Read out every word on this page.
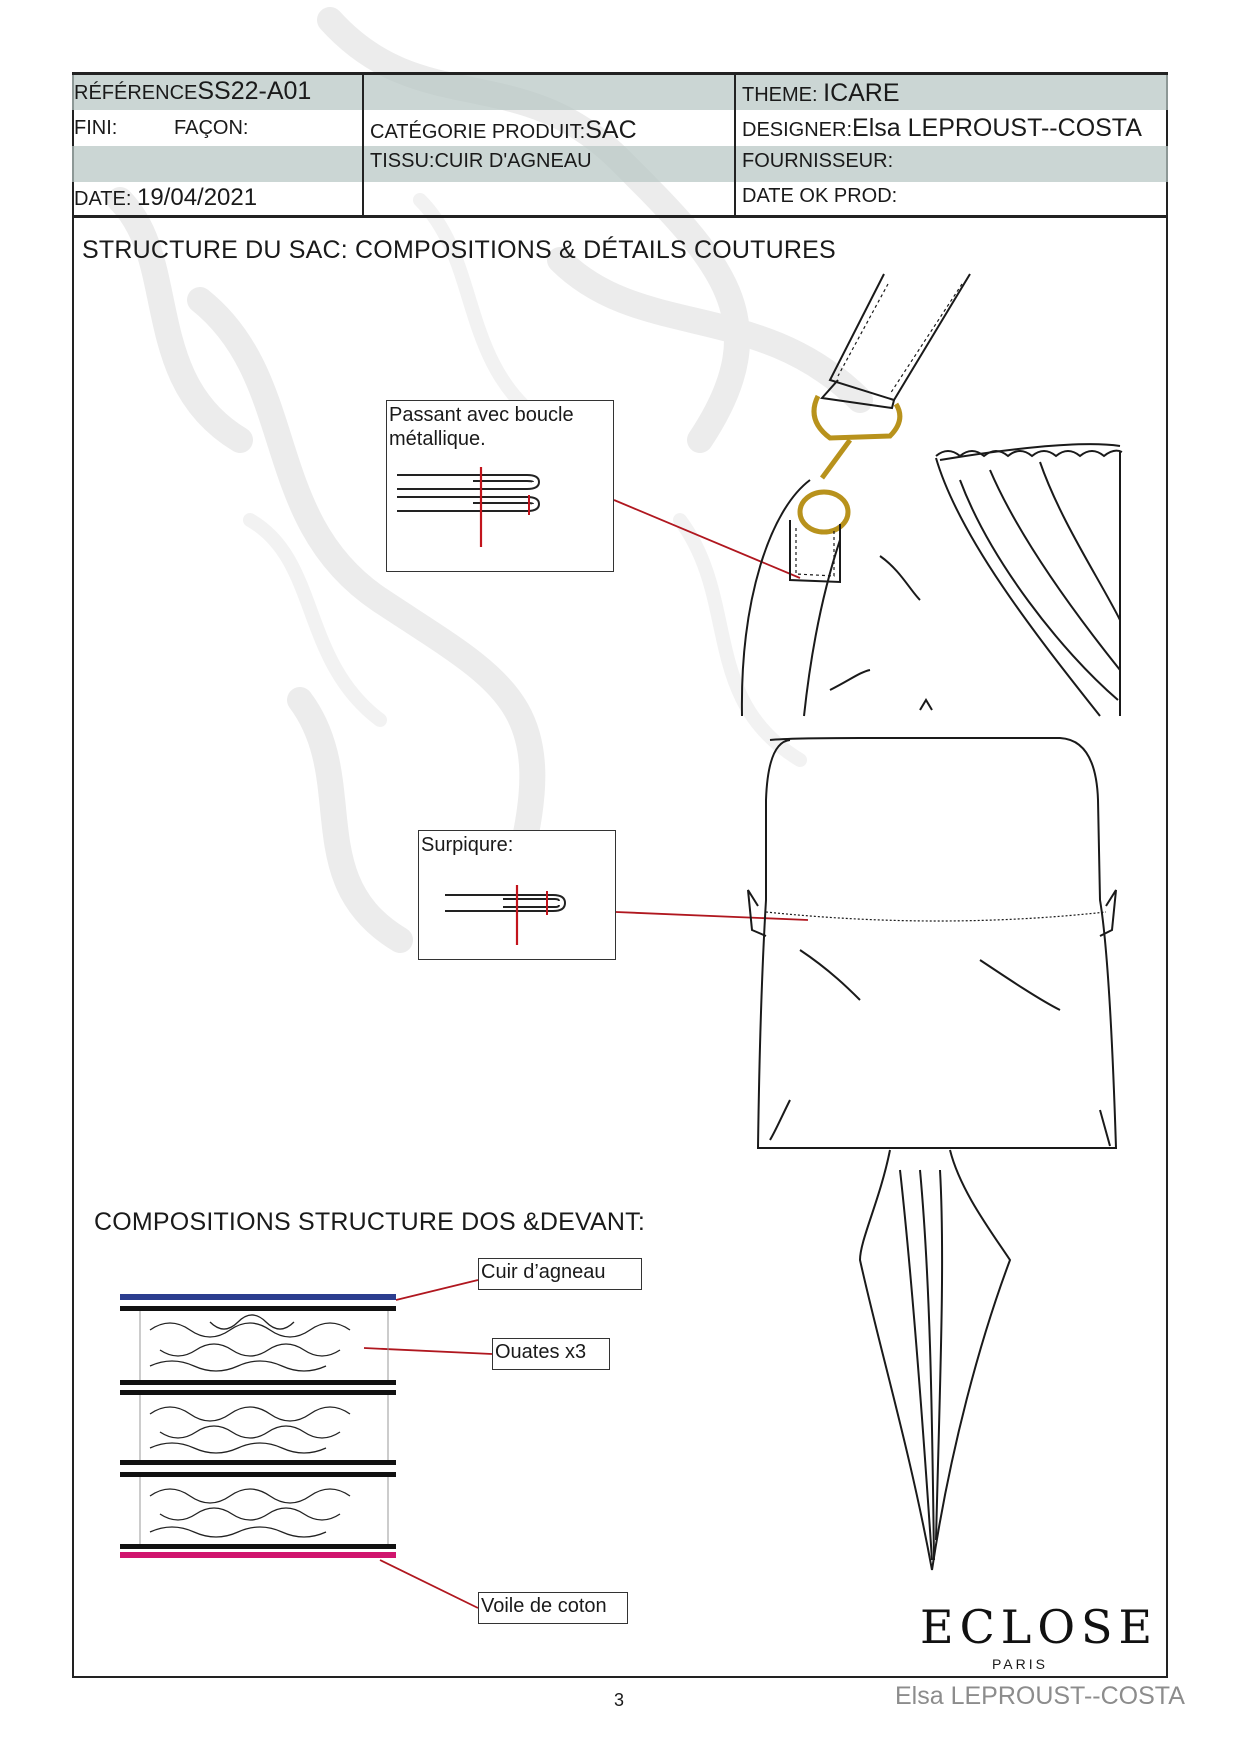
RÉFÉRENCESS22-A01
FINI:	FAÇON:
DATE: 19/04/2021
CATÉGORIE PRODUIT:SAC
TISSU:CUIR D'AGNEAU
THEME: ICARE
DESIGNER:Elsa LEPROUST--COSTA
FOURNISSEUR:
DATE OK PROD:
STRUCTURE DU SAC: COMPOSITIONS & DÉTAILS COUTURES
COMPOSITIONS STRUCTURE DOS &DEVANT:
Passant avec boucle métallique.
Surpiqure:
Cuir d’agneau
Ouates x3
Voile de coton	ECLOSE
PARIS
3	Elsa LEPROUST--COSTA
